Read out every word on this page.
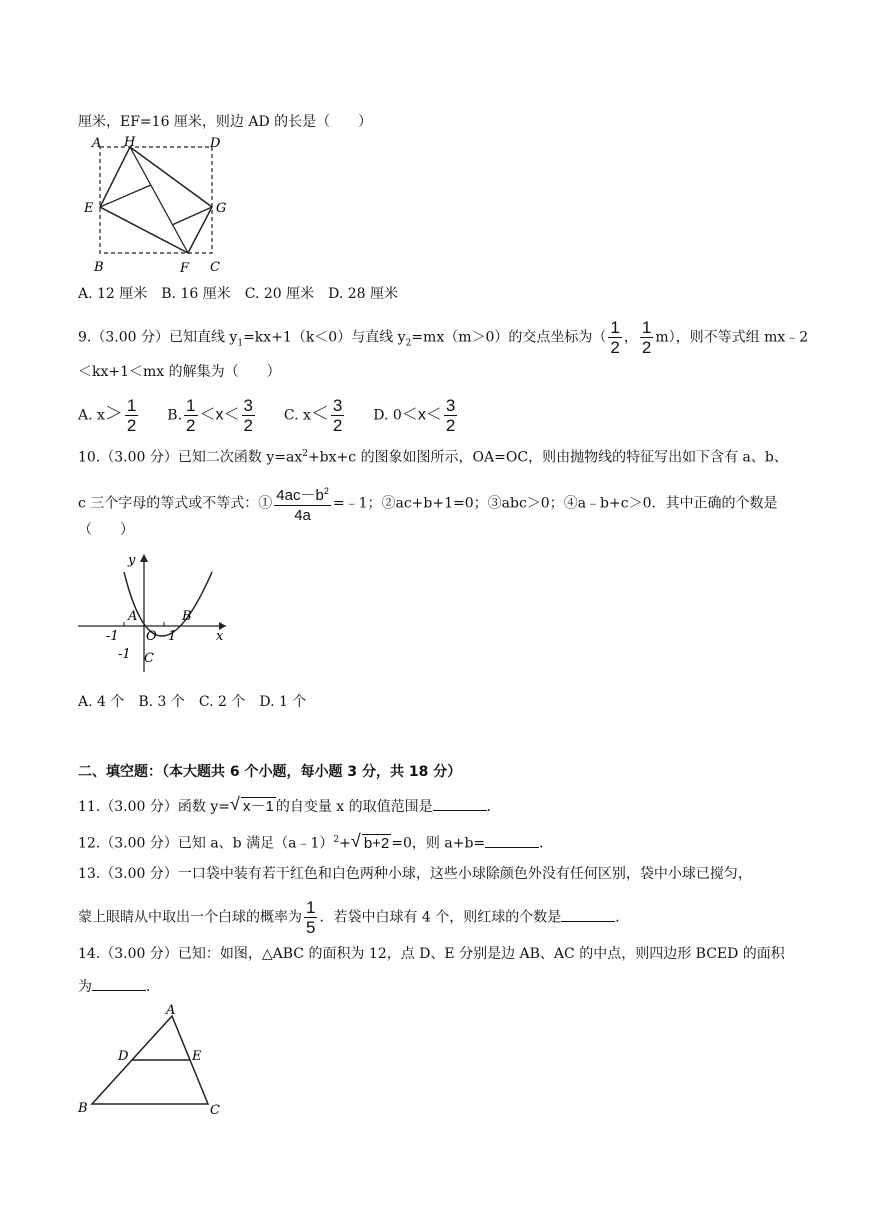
厘米，EF=16 厘米，则边 AD 的长是（　　）
A H	D
E	G
B	F C
A. 12 厘米　B. 16 厘米　C. 20 厘米　D. 28 厘米
9.（3.00 分）已知直线 $y_1=kx+1(k<0)$与直线 $y_2=mx(m>0)$的交点坐标为（ $\frac{1}{2}$ ， $\frac{1}{2} m$），则不等式组 mx﹣2
＜kx+1＜mx 的解集为（　　）
A. $x> \frac{1}{2} B$. $\frac{1}{2} <x< \frac{3}{2} C$. $x< \frac{3}{2} D$. $0<x< \frac{3}{2}$
10.（3.00 分）已知二次函数 $y=ax^2+bx+c$ 的图象如图所示，OA=OC，则由抛物线的特征写出如下含有 a、b、
c 三个字母的等式或不等式：① $\frac{4ac-b^2}{4a}$ =﹣1；②ac+b+1=0；③abc＞0；④a﹣b+c＞0．其中正确的个数是
（　　）
y
A	B
-1 O 1	x
-1 C
A. 4 个　B. 3 个　C. 2 个　D. 1 个
二、填空题：（本大题共 6 个小题，每小题 3 分，共 18 分）
11.（3.00 分）函数 y= √ x－1 的自变量 x 的取值范围是	．
12.（3.00 分）已知 a、b 满足（a﹣1）$^2$+ √ b+2 =0，则 a+b=	．
13.（3.00 分）一口袋中装有若干红色和白色两种小球，这些小球除颜色外没有任何区别，袋中小球已搅匀，
蒙上眼睛从中取出一个白球的概率为 $\frac{1}{5}$ ．若袋中白球有 4 个，则红球的个数是	．
14.（3.00 分）已知：如图，△ABC 的面积为 12，点 D、E 分别是边 AB、AC 的中点，则四边形 BCED 的面积
为	．
A
D	E
B	C
